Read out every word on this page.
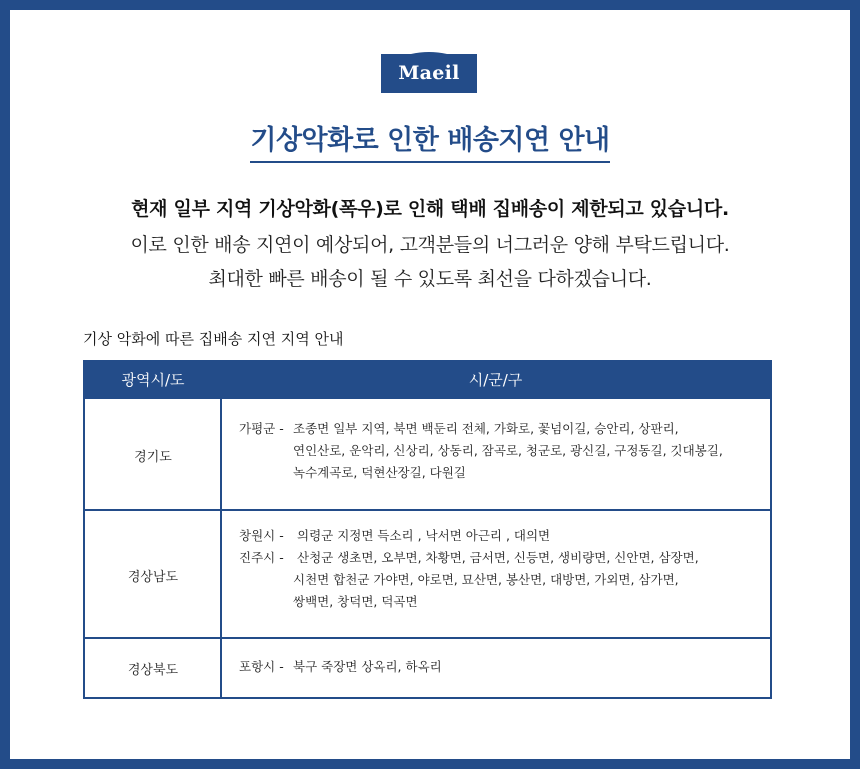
Maeil
기상악화로 인한 배송지연 안내
현재 일부 지역 기상악화(폭우)로 인해 택배 집배송이 제한되고 있습니다.
이로 인한 배송 지연이 예상되어, 고객분들의 너그러운 양해 부탁드립니다.
최대한 빠른 배송이 될 수 있도록 최선을 다하겠습니다.
기상 악화에 따른 집배송 지연 지역 안내
광역시/도	시/군/구
경기도
가평군 - 조종면 일부 지역, 북면 백둔리 전체, 가화로, 꽃넘이길, 승안리, 상판리,
연인산로, 운악리, 신상리, 상동리, 잠곡로, 청군로, 광신길, 구정동길, 깃대봉길,
녹수계곡로, 덕현산장길, 다원길
경상남도
창원시 - 의령군 지정면 득소리 , 낙서면 아근리 , 대의면
진주시 - 산청군 생초면, 오부면, 차황면, 금서면, 신등면, 생비량면, 신안면, 삼장면,
시천면 합천군 가야면, 야로면, 묘산면, 봉산면, 대방면, 가외면, 삼가면,
쌍백면, 창덕면, 덕곡면
경상북도	포항시 - 북구 죽장면 상옥리, 하옥리
